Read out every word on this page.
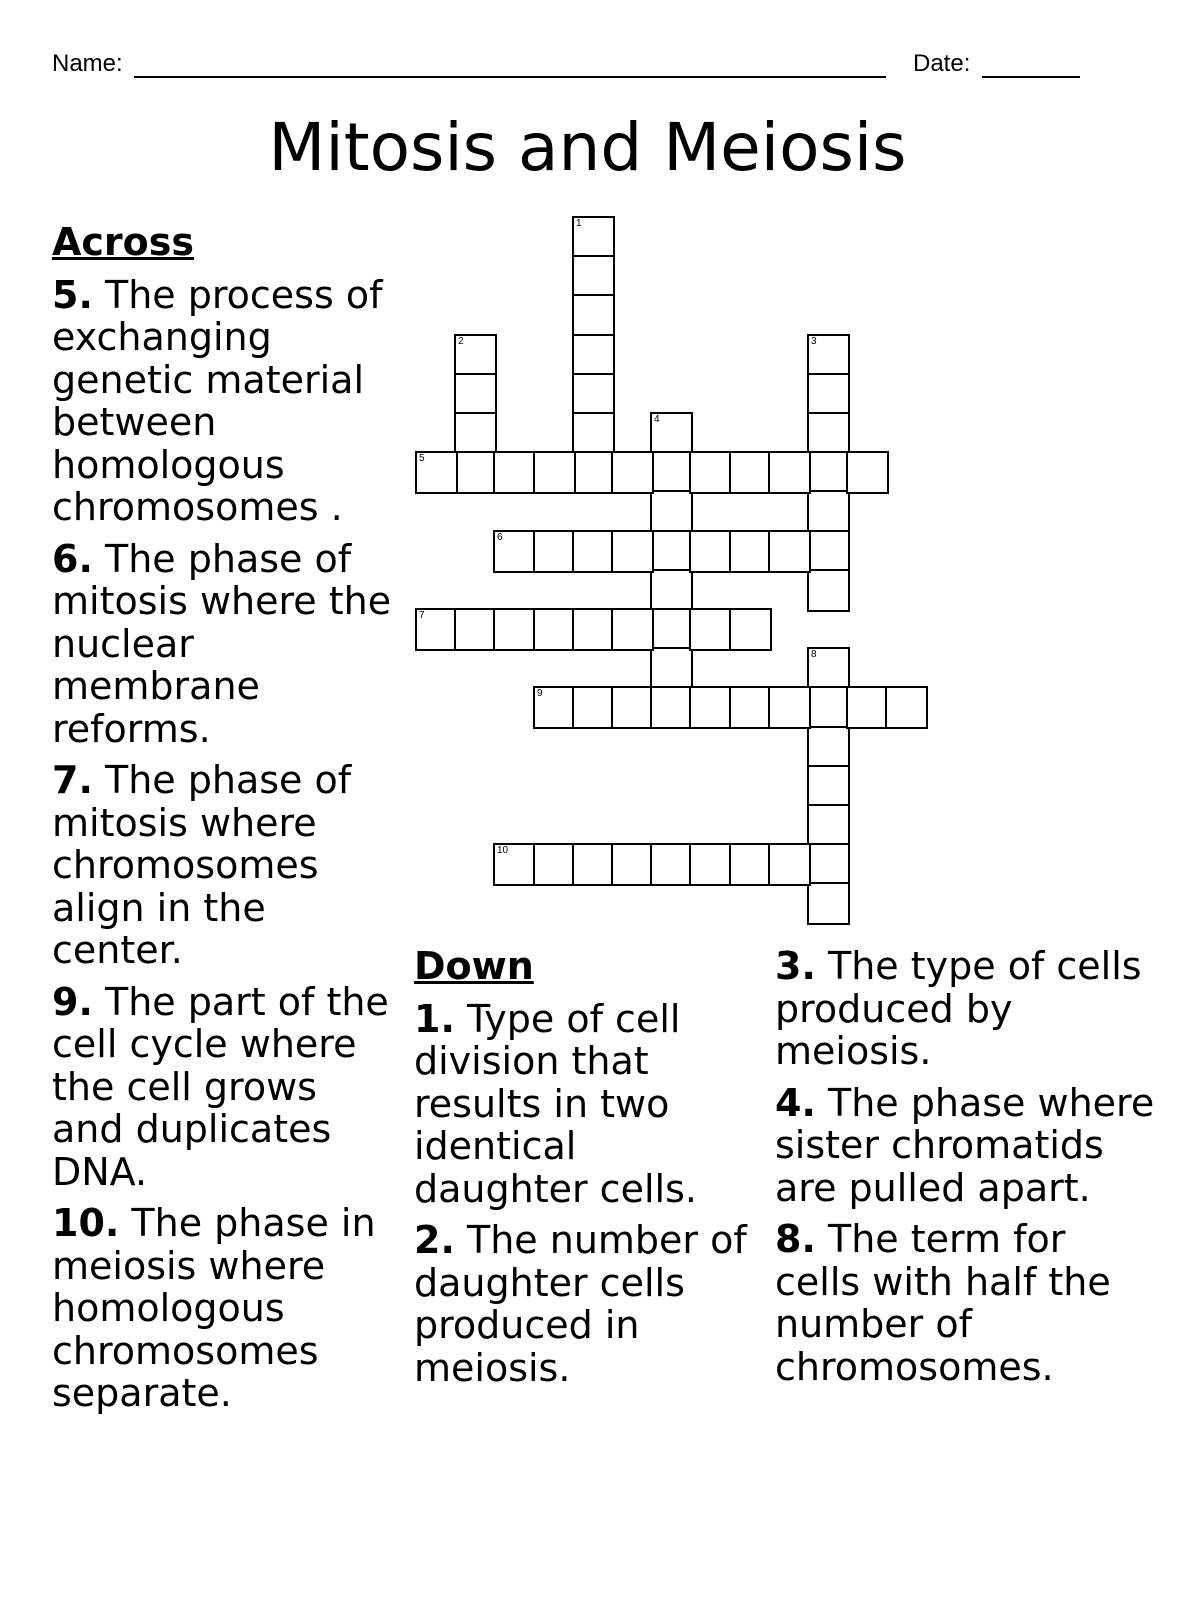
Name:	Date:
Mitosis and Meiosis
1
2	3
4
5
6
7
8
9
10
Across
5. The process of exchanging genetic material between homologous chromosomes .
6. The phase of mitosis where the nuclear membrane reforms.
7. The phase of mitosis where chromosomes align in the center.
9. The part of the cell cycle where the cell grows and duplicates DNA.
10. The phase in meiosis where homologous chromosomes separate.
Down
1. Type of cell division that results in two identical daughter cells.
2. The number of daughter cells produced in meiosis.
3. The type of cells produced by meiosis.
4. The phase where sister chromatids are pulled apart.
8. The term for cells with half the number of chromosomes.
